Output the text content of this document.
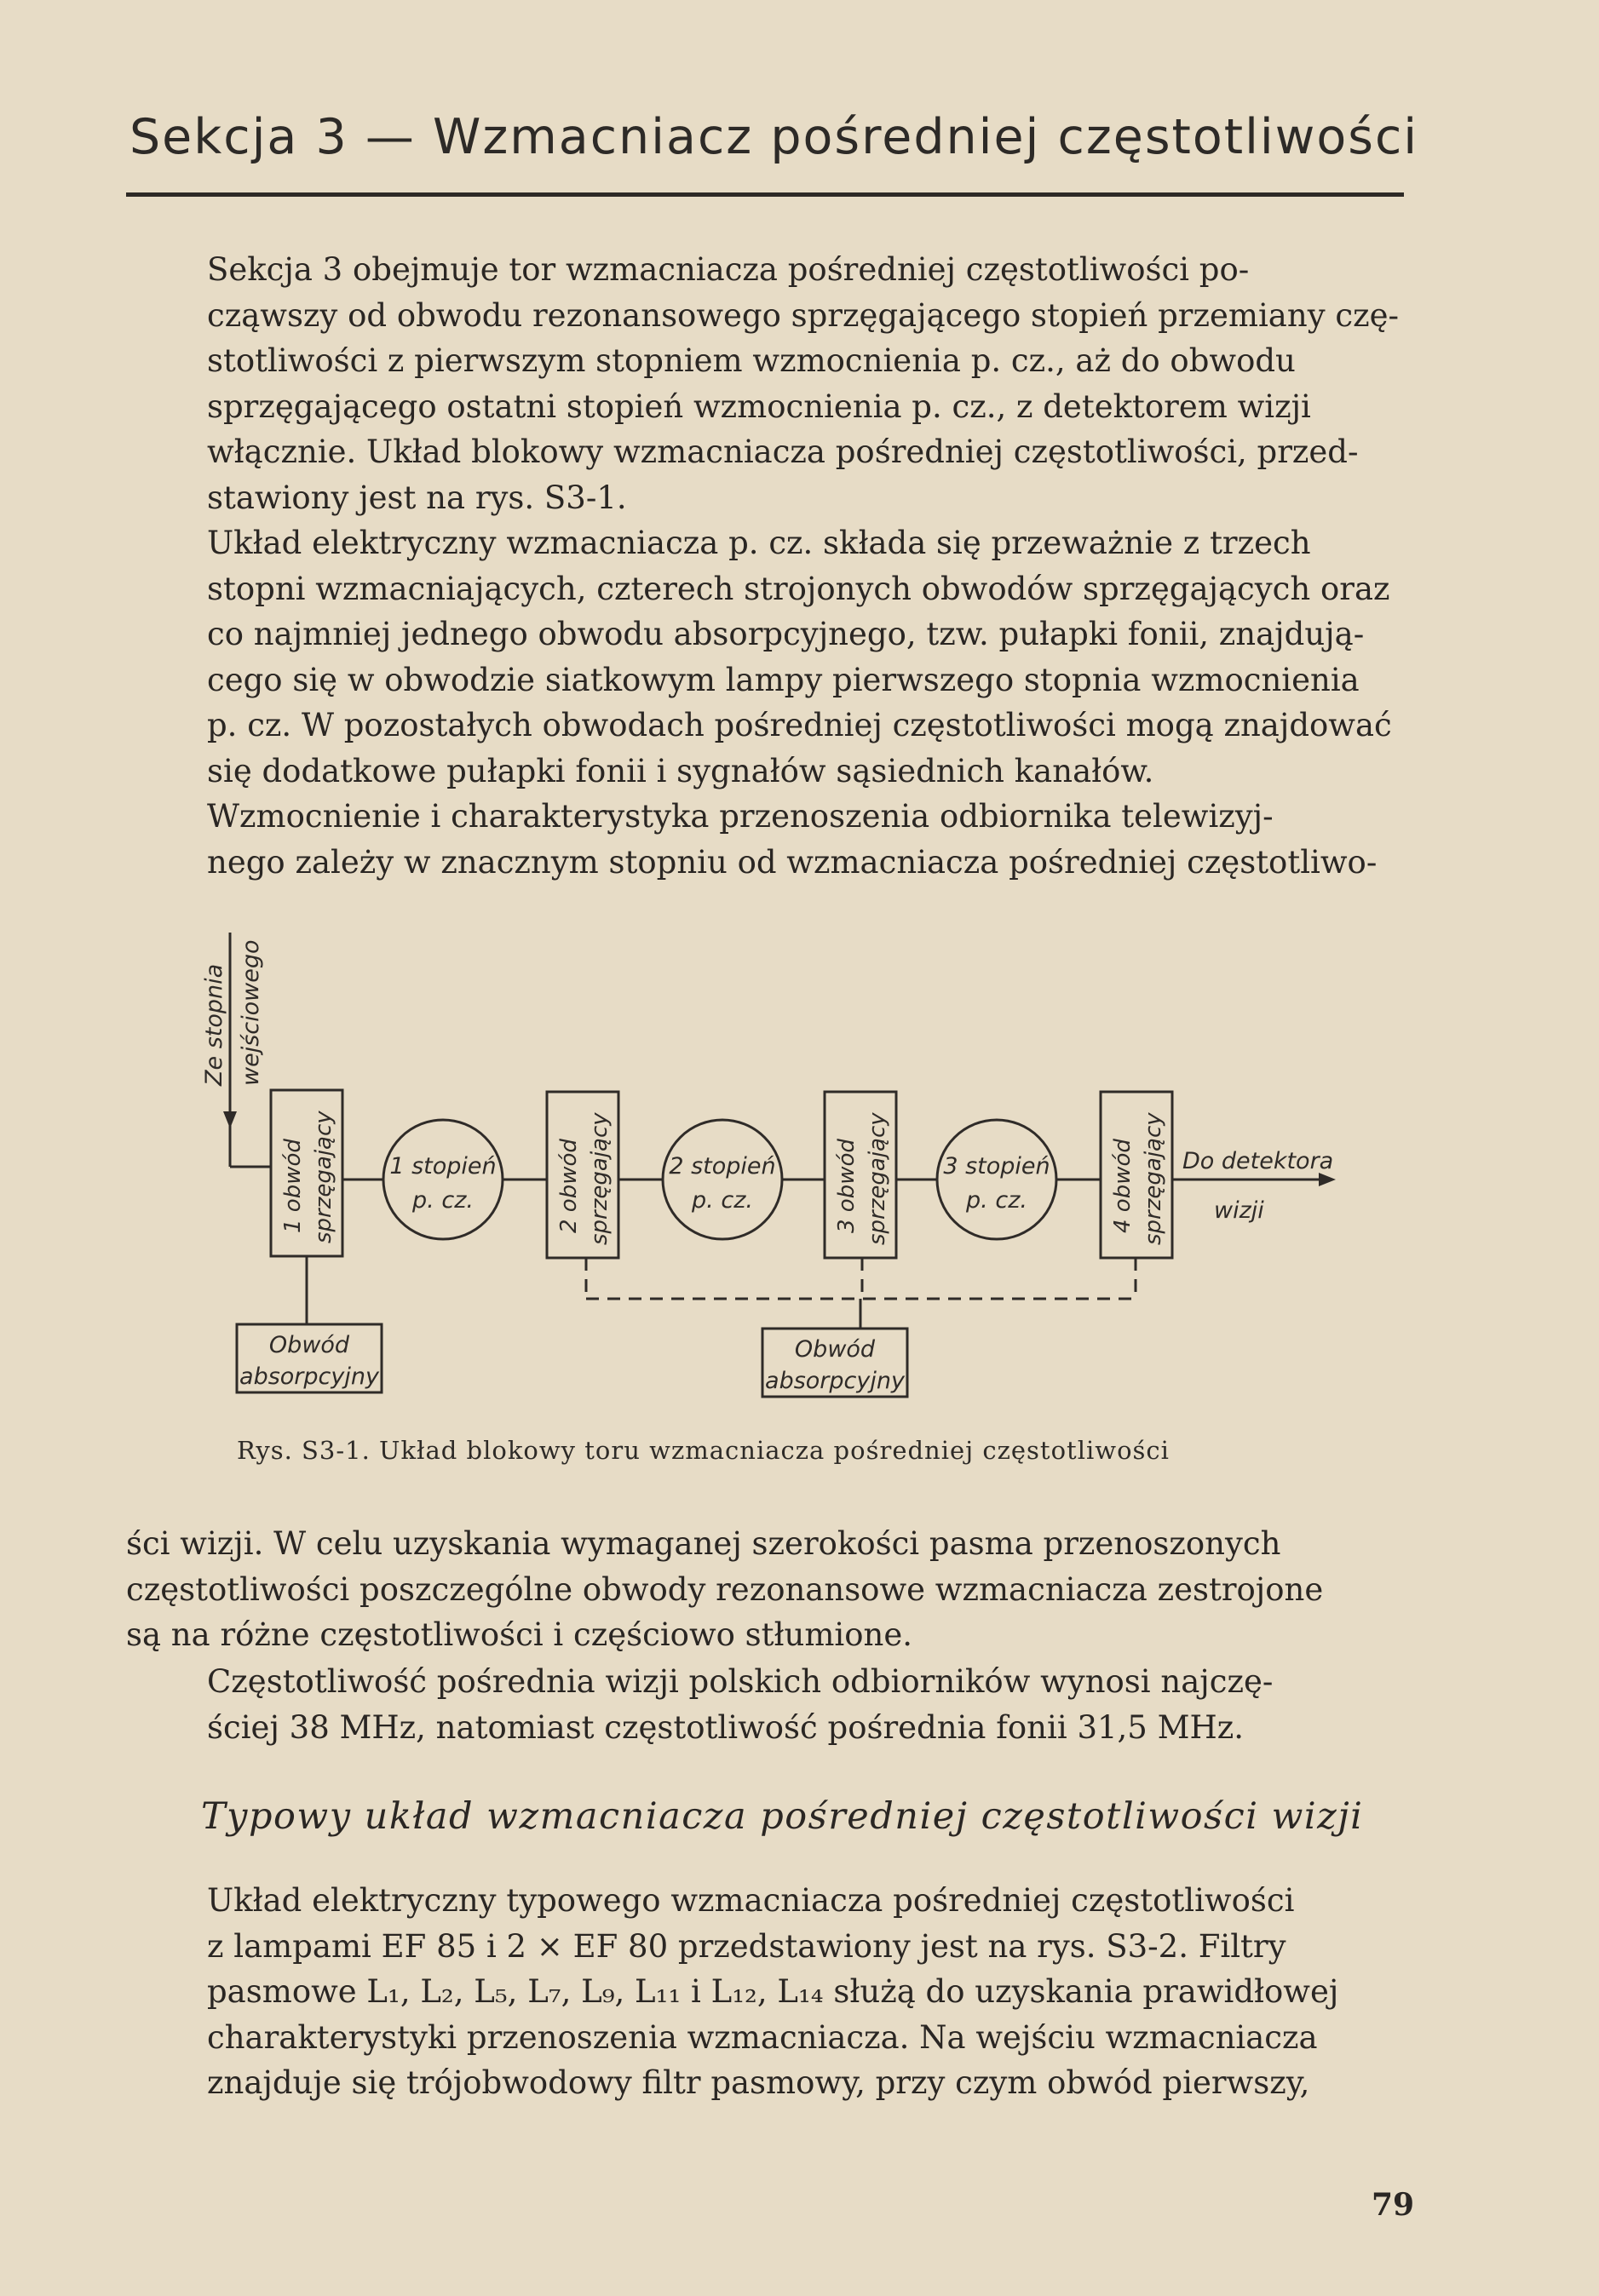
Sekcja 3 — Wzmacniacz pośredniej częstotliwości
Sekcja 3 obejmuje tor wzmacniacza pośredniej częstotliwości po-
cząwszy od obwodu rezonansowego sprzęgającego stopień przemiany czę-
stotliwości z pierwszym stopniem wzmocnienia p. cz., aż do obwodu
sprzęgającego ostatni stopień wzmocnienia p. cz., z detektorem wizji
włącznie. Układ blokowy wzmacniacza pośredniej częstotliwości, przed-
stawiony jest na rys. S3-1.
Układ elektryczny wzmacniacza p. cz. składa się przeważnie z trzech
stopni wzmacniających, czterech strojonych obwodów sprzęgających oraz
co najmniej jednego obwodu absorpcyjnego, tzw. pułapki fonii, znajdują-
cego się w obwodzie siatkowym lampy pierwszego stopnia wzmocnienia
p. cz. W pozostałych obwodach pośredniej częstotliwości mogą znajdować
się dodatkowe pułapki fonii i sygnałów sąsiednich kanałów.
Wzmocnienie i charakterystyka przenoszenia odbiornika telewizyj-
nego zależy w znacznym stopniu od wzmacniacza pośredniej częstotliwo-
Ze stopnia wejściowego
1 obwód sprzęgający	2 obwód sprzęgający	3 obwód sprzęgający	4 obwód sprzęgający
1 stopień
p. cz.
2 stopień
p. cz.
3 stopień
p. cz.
Do detektora
wizji
Obwód
absorpcyjny
Obwód
absorpcyjny
Rys. S3-1. Układ blokowy toru wzmacniacza pośredniej częstotliwości
ści wizji. W celu uzyskania wymaganej szerokości pasma przenoszonych
częstotliwości poszczególne obwody rezonansowe wzmacniacza zestrojone
są na różne częstotliwości i częściowo stłumione.
Częstotliwość pośrednia wizji polskich odbiorników wynosi najczę-
ściej 38 MHz, natomiast częstotliwość pośrednia fonii 31,5 MHz.
Typowy układ wzmacniacza pośredniej częstotliwości wizji
Układ elektryczny typowego wzmacniacza pośredniej częstotliwości
z lampami EF 85 i 2 × EF 80 przedstawiony jest na rys. S3-2. Filtry
pasmowe L₁, L₂, L₅, L₇, L₉, L₁₁ i L₁₂, L₁₄ służą do uzyskania prawidłowej
charakterystyki przenoszenia wzmacniacza. Na wejściu wzmacniacza
znajduje się trójobwodowy filtr pasmowy, przy czym obwód pierwszy,
79
